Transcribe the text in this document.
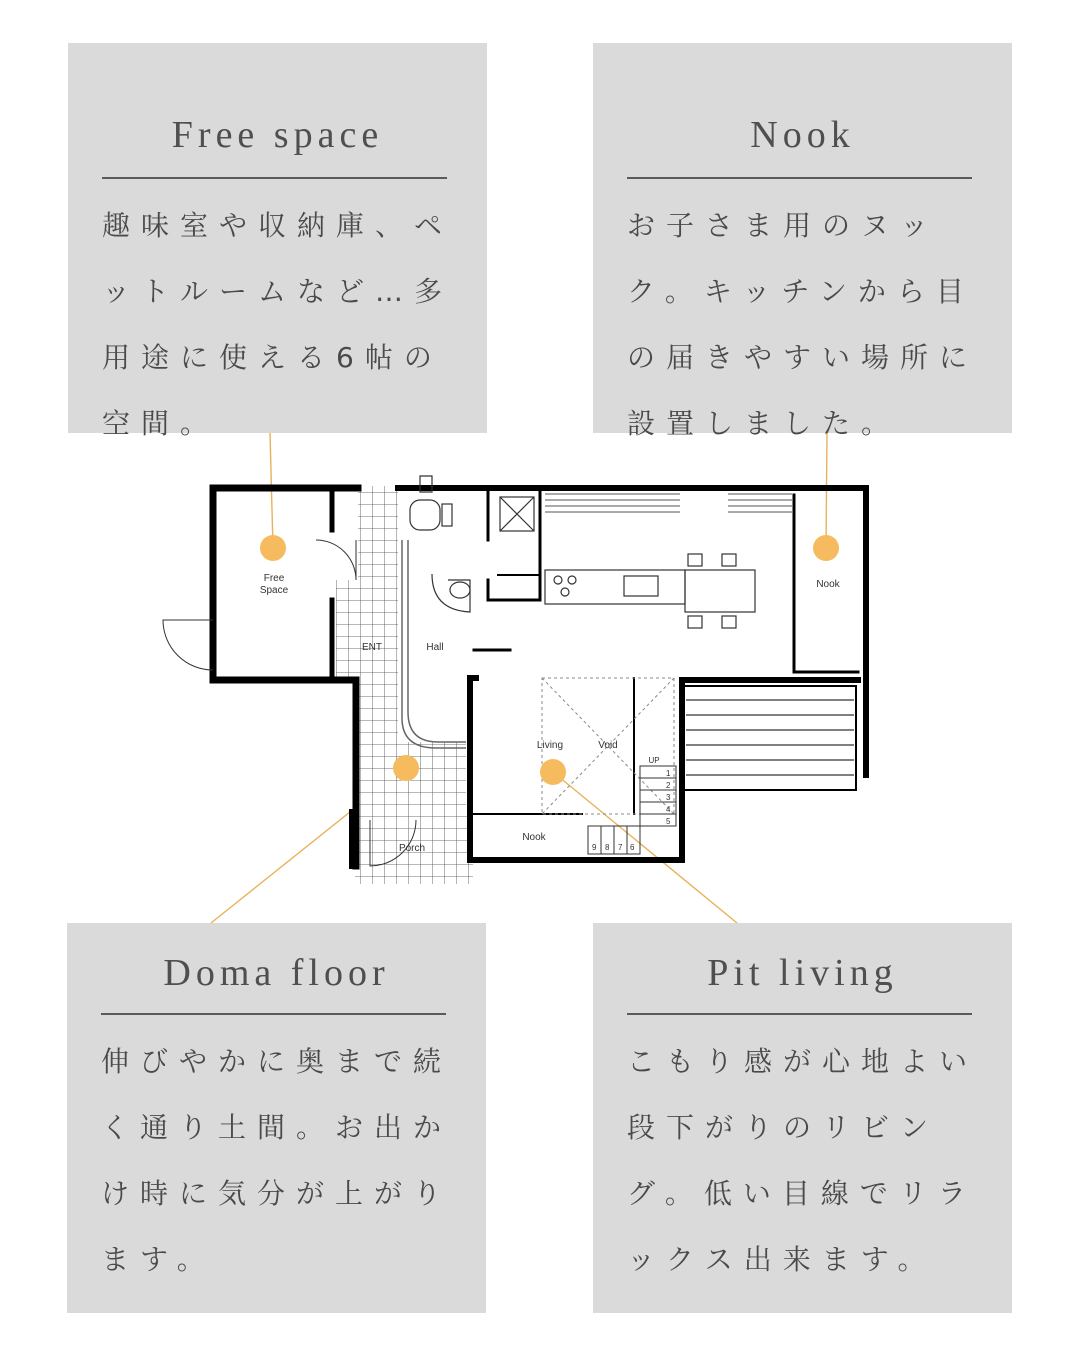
Free space
趣味室や収納庫、ペットルームなど…多用途に使える6帖の空間。
Nook
お子さま用のヌック。キッチンから目の届きやすい場所に設置しました。
Doma floor
伸びやかに奥まで続く通り土間。お出かけ時に気分が上がります。
Pit living
こもり感が心地よい段下がりのリビング。低い目線でリラックス出来ます。
Free
Space
ENT	Hall
Living	Void
UP
Nook
Nook
Porch
1
2
3
4
5
9 8 7 6
